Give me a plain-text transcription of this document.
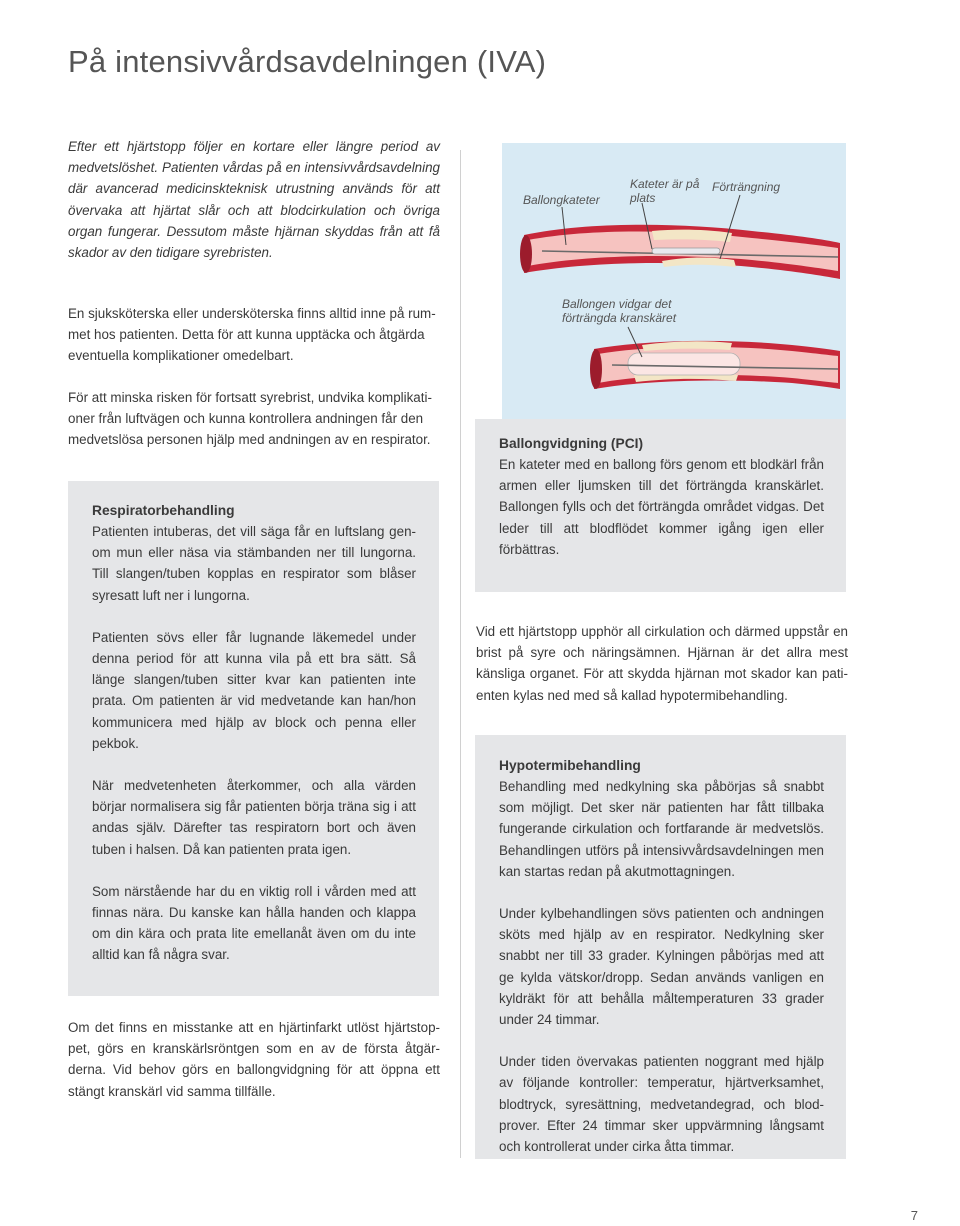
På intensivvårdsavdelningen (IVA)

Efter ett hjärtstopp följer en kortare eller längre period av medvetslöshet. Patienten vårdas på en intensivvårdsavdelning där avancerad medicinskteknisk utrustning används för att övervaka att hjärtat slår och att blodcirkulation och övriga organ fungerar. Dessutom måste hjärnan skyddas från att få skador av den tidigare syrebristen.

En sjuksköterska eller undersköterska finns alltid inne på rummet hos patienten. Detta för att kunna upptäcka och åtgärda eventuella komplikationer omedelbart.

För att minska risken för fortsatt syrebrist, undvika komplikationer från luftvägen och kunna kontrollera andningen får den medvetslösa personen hjälp med andningen av en respirator.

Respiratorbehandling

Patienten intuberas, det vill säga får en luftslang genom mun eller näsa via stämbanden ner till lungorna. Till slangen/tuben kopplas en respirator som blåser syresatt luft ner i lungorna.

Patienten sövs eller får lugnande läkemedel under denna period för att kunna vila på ett bra sätt. Så länge slangen/tuben sitter kvar kan patienten inte prata. Om patienten är vid medvetande kan han/hon kommunicera med hjälp av block och penna eller pekbok.

När medvetenheten återkommer, och alla värden börjar normalisera sig får patienten börja träna sig i att andas själv. Därefter tas respiratorn bort och även tuben i halsen. Då kan patienten prata igen.

Som närstående har du en viktig roll i vården med att finnas nära. Du kanske kan hålla handen och klappa om din kära och prata lite emellanåt även om du inte alltid kan få några svar.

Om det finns en misstanke att en hjärtinfarkt utlöst hjärtstoppet, görs en kranskärlsröntgen som en av de första åtgärderna. Vid behov görs en ballongvidgning för att öppna ett stängt kranskärl vid samma tillfälle.

Ballongkateter
Kateter är på plats
Förträngning
Ballongen vidgar det förträngda kranskäret

Ballongvidgning (PCI)

En kateter med en ballong förs genom ett blodkärl från armen eller ljumsken till det förträngda kranskärlet. Ballongen fylls och det förträngda området vidgas. Det leder till att blodflödet kommer igång igen eller förbättras.

Vid ett hjärtstopp upphör all cirkulation och därmed uppstår en brist på syre och näringsämnen. Hjärnan är det allra mest känsliga organet. För att skydda hjärnan mot skador kan patienten kylas ned med så kallad hypotermibehandling.

Hypotermibehandling

Behandling med nedkylning ska påbörjas så snabbt som möjligt. Det sker när patienten har fått tillbaka fungerande cirkulation och fortfarande är medvetslös. Behandlingen utförs på intensivvårdsavdelningen men kan startas redan på akutmottagningen.

Under kylbehandlingen sövs patienten och andningen sköts med hjälp av en respirator. Nedkylning sker snabbt ner till 33 grader. Kylningen påbörjas med att ge kylda vätskor/dropp. Sedan används vanligen en kyldräkt för att behålla måltemperaturen 33 grader under 24 timmar.

Under tiden övervakas patienten noggrant med hjälp av följande kontroller: temperatur, hjärtverksamhet, blodtryck, syresättning, medvetandegrad, och blodprover. Efter 24 timmar sker uppvärmning långsamt och kontrollerat under cirka åtta timmar.

7
